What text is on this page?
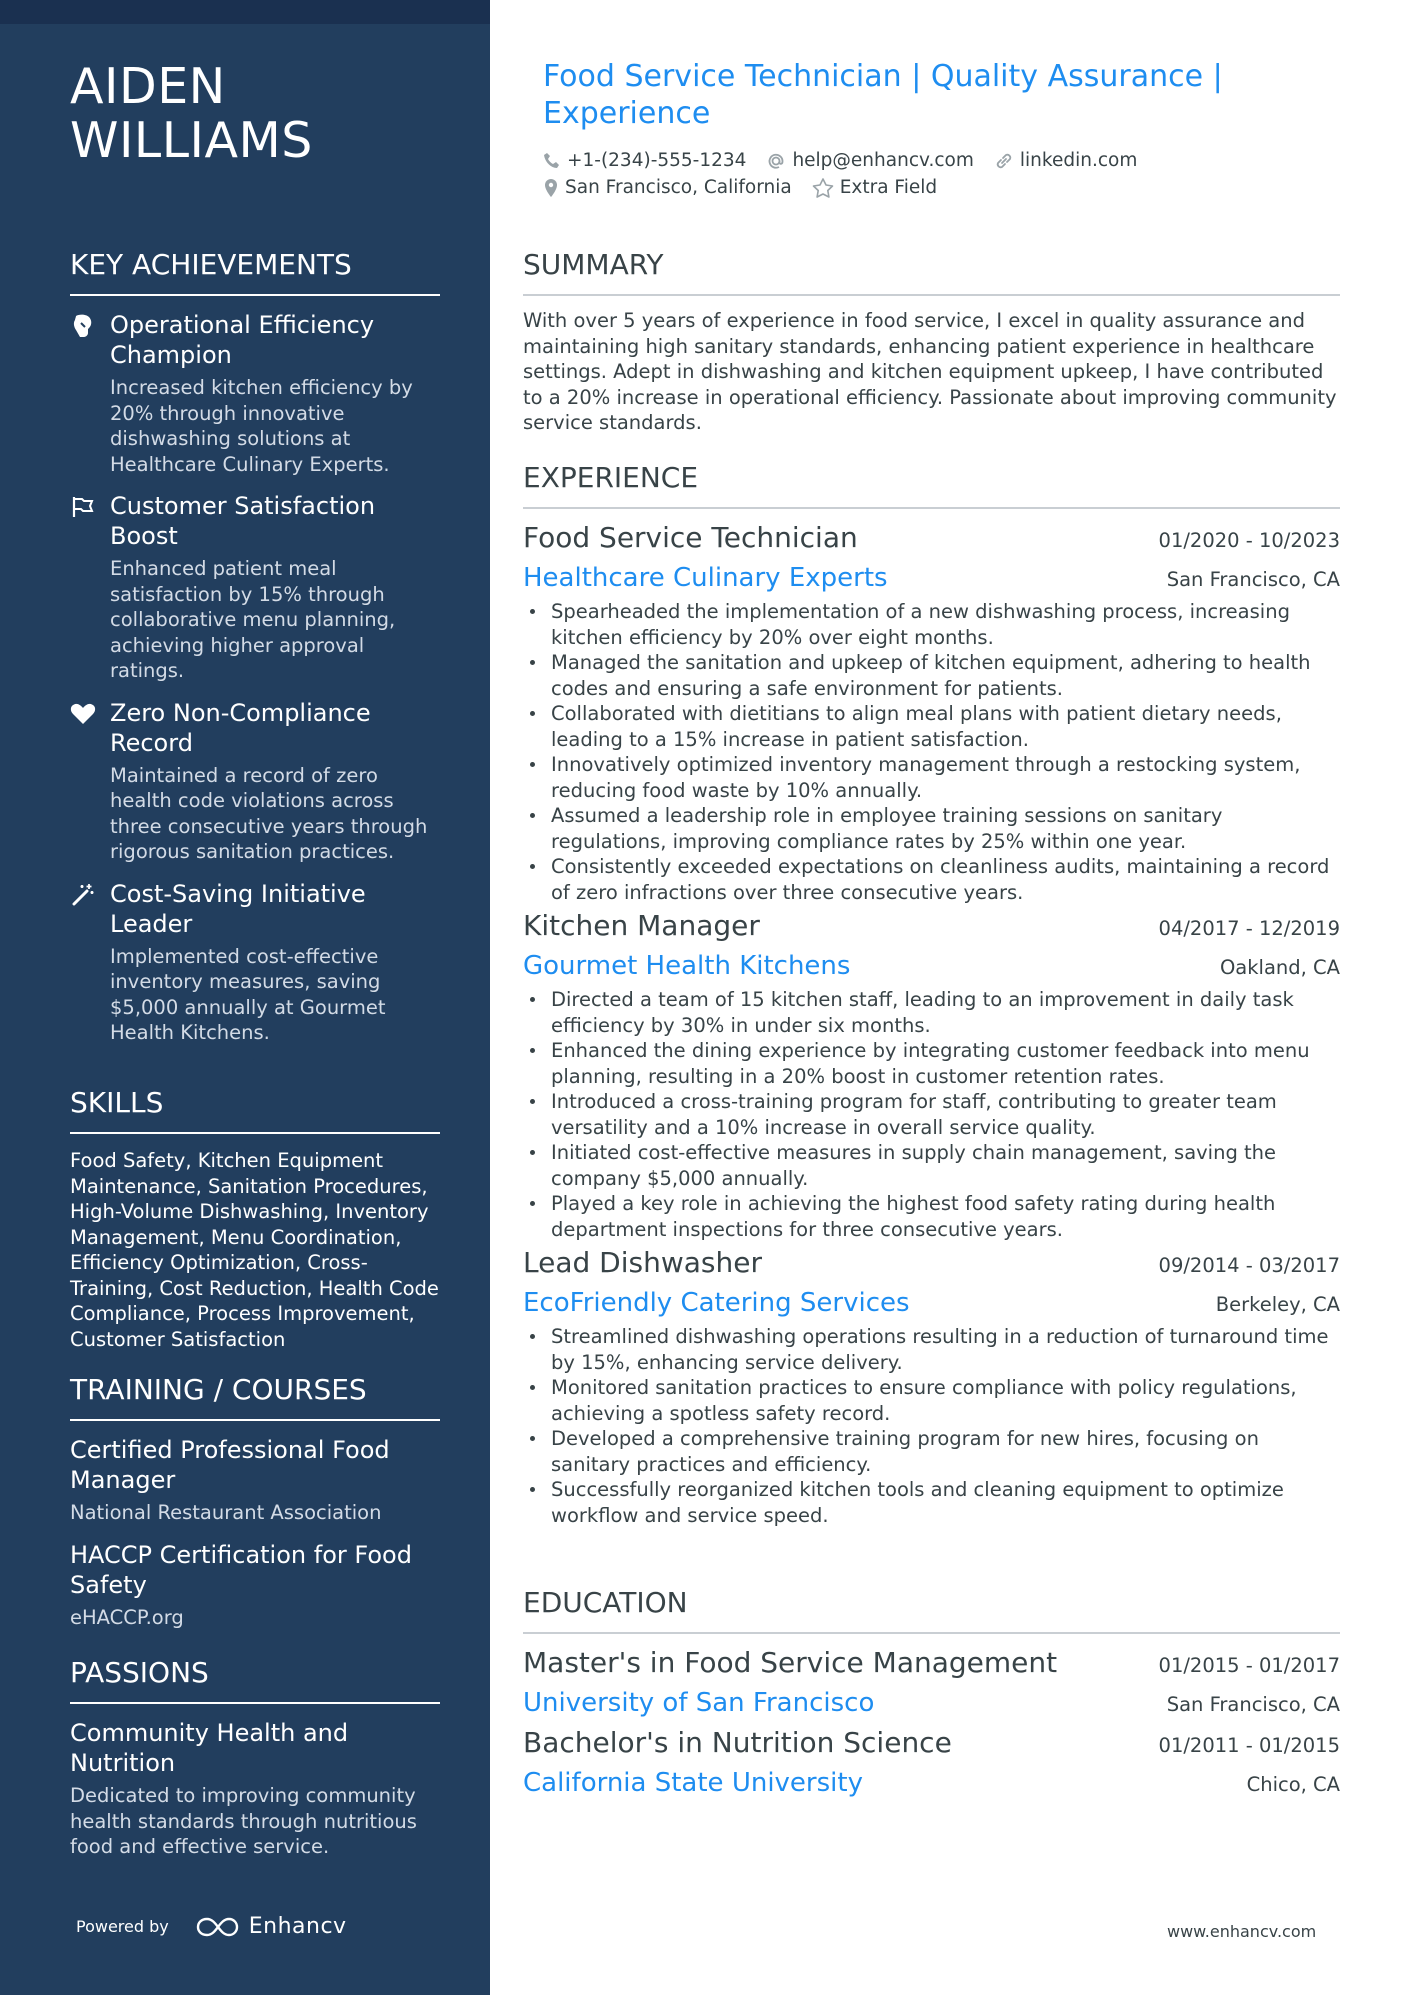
AIDEN WILLIAMS
KEY ACHIEVEMENTS
Operational Efficiency Champion
Increased kitchen efficiency by 20% through innovative dishwashing solutions at Healthcare Culinary Experts.
Customer Satisfaction Boost
Enhanced patient meal satisfaction by 15% through collaborative menu planning, achieving higher approval ratings.
Zero Non-Compliance Record
Maintained a record of zero health code violations across three consecutive years through rigorous sanitation practices.
Cost-Saving Initiative Leader
Implemented cost-effective inventory measures, saving $5,000 annually at Gourmet Health Kitchens.
SKILLS
Food Safety, Kitchen Equipment Maintenance, Sanitation Procedures, High-Volume Dishwashing, Inventory Management, Menu Coordination, Efficiency Optimization, Cross-Training, Cost Reduction, Health Code Compliance, Process Improvement, Customer Satisfaction
TRAINING / COURSES
Certified Professional Food Manager
National Restaurant Association
HACCP Certification for Food Safety
eHACCP.org
PASSIONS
Community Health and Nutrition
Dedicated to improving community health standards through nutritious food and effective service.
Powered by	Enhancv
Food Service Technician | Quality Assurance | Experience
+1-(234)-555-1234 help@enhancv.com linkedin.com
San Francisco, California	Extra Field
SUMMARY
With over 5 years of experience in food service, I excel in quality assurance and maintaining high sanitary standards, enhancing patient experience in healthcare settings. Adept in dishwashing and kitchen equipment upkeep, I have contributed to a 20% increase in operational efficiency. Passionate about improving community service standards.
EXPERIENCE
Food Service Technician	01/2020 - 10/2023
Healthcare Culinary Experts	San Francisco, CA
Spearheaded the implementation of a new dishwashing process, increasing kitchen efficiency by 20% over eight months.
Managed the sanitation and upkeep of kitchen equipment, adhering to health codes and ensuring a safe environment for patients.
Collaborated with dietitians to align meal plans with patient dietary needs, leading to a 15% increase in patient satisfaction.
Innovatively optimized inventory management through a restocking system, reducing food waste by 10% annually.
Assumed a leadership role in employee training sessions on sanitary regulations, improving compliance rates by 25% within one year.
Consistently exceeded expectations on cleanliness audits, maintaining a record of zero infractions over three consecutive years.
Kitchen Manager	04/2017 - 12/2019
Gourmet Health Kitchens	Oakland, CA
Directed a team of 15 kitchen staff, leading to an improvement in daily task efficiency by 30% in under six months.
Enhanced the dining experience by integrating customer feedback into menu planning, resulting in a 20% boost in customer retention rates.
Introduced a cross-training program for staff, contributing to greater team versatility and a 10% increase in overall service quality.
Initiated cost-effective measures in supply chain management, saving the company $5,000 annually.
Played a key role in achieving the highest food safety rating during health department inspections for three consecutive years.
Lead Dishwasher	09/2014 - 03/2017
EcoFriendly Catering Services	Berkeley, CA
Streamlined dishwashing operations resulting in a reduction of turnaround time by 15%, enhancing service delivery.
Monitored sanitation practices to ensure compliance with policy regulations, achieving a spotless safety record.
Developed a comprehensive training program for new hires, focusing on sanitary practices and efficiency.
Successfully reorganized kitchen tools and cleaning equipment to optimize workflow and service speed.
EDUCATION
Master's in Food Service Management	01/2015 - 01/2017
University of San Francisco	San Francisco, CA
Bachelor's in Nutrition Science	01/2011 - 01/2015
California State University	Chico, CA
www.enhancv.com
